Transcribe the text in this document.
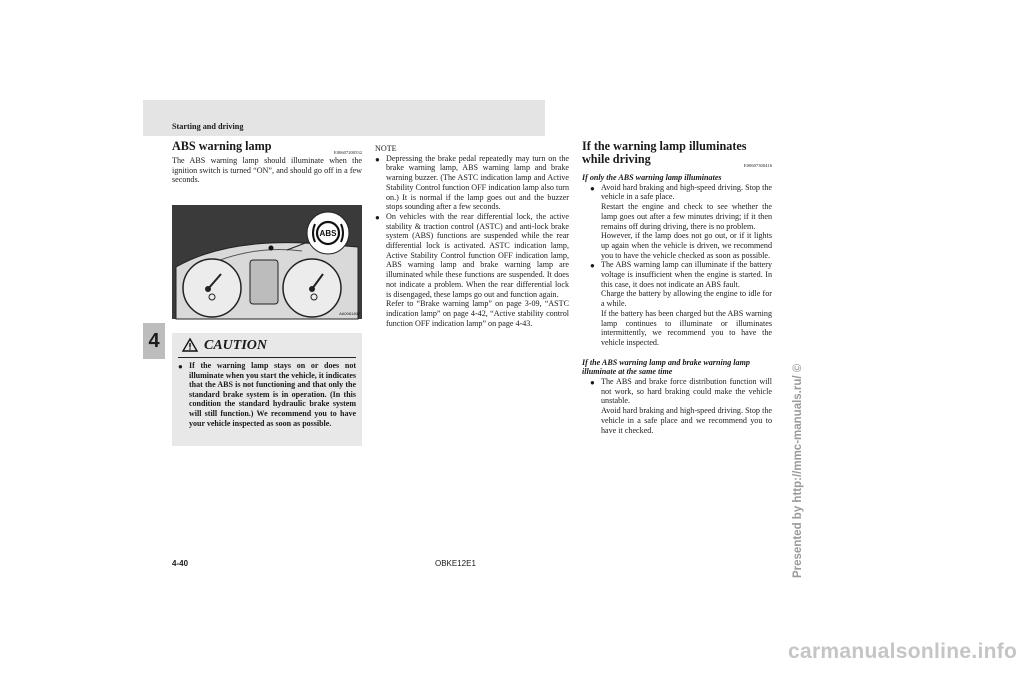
Starting and driving
4
ABS warning lamp	E00607200532
The ABS warning lamp should illuminate when the ignition switch is turned “ON”, and should go off in a few seconds.
ABS
AA0061407
CAUTION
● If the warning lamp stays on or does not illuminate when you start the vehicle, it indicates that the ABS is not functioning and that only the standard brake system is in operation. (In this condition the standard hydraulic brake system will still function.) We recommend you to have your vehicle inspected as soon as possible.
NOTE
● Depressing the brake pedal repeatedly may turn on the brake warning lamp, ABS warning lamp and brake warning buzzer. (The ASTC indication lamp and Active Stability Control function OFF indication lamp also turn on.) It is normal if the lamp goes out and the buzzer stops sounding after a few seconds.
● On vehicles with the rear differential lock, the active stability & traction control (ASTC) and anti-lock brake system (ABS) functions are suspended while the rear differential lock is activated. ASTC indication lamp, Active Stability Control function OFF indication lamp, ABS warning lamp and brake warning lamp are illuminated while these functions are suspended. It does not indicate a problem. When the rear differential lock is disengaged, these lamps go out and function again.
Refer to “Brake warning lamp” on page 3-09, “ASTC indication lamp” on page 4-42, “Active stability control function OFF indication lamp” on page 4-43.
If the warning lamp illuminates while driving	E00607300416
If only the ABS warning lamp illuminates
● Avoid hard braking and high-speed driving. Stop the vehicle in a safe place.
Restart the engine and check to see whether the lamp goes out after a few minutes driving; if it then remains off during driving, there is no problem.
However, if the lamp does not go out, or if it lights up again when the vehicle is driven, we recommend you to have the vehicle checked as soon as possible.
● The ABS warning lamp can illuminate if the battery voltage is insufficient when the engine is started. In this case, it does not indicate an ABS fault.
Charge the battery by allowing the engine to idle for a while.
If the battery has been charged but the ABS warning lamp continues to illuminate or illuminates intermittently, we recommend you to have the vehicle inspected.
If the ABS warning lamp and brake warning lamp illuminate at the same time
● The ABS and brake force distribution function will not work, so hard braking could make the vehicle unstable.
Avoid hard braking and high-speed driving. Stop the vehicle in a safe place and we recommend you to have it checked.
4-40	OBKE12E1	Presented by http://mmc-manuals.ru/ ©
carmanualsonline.info
